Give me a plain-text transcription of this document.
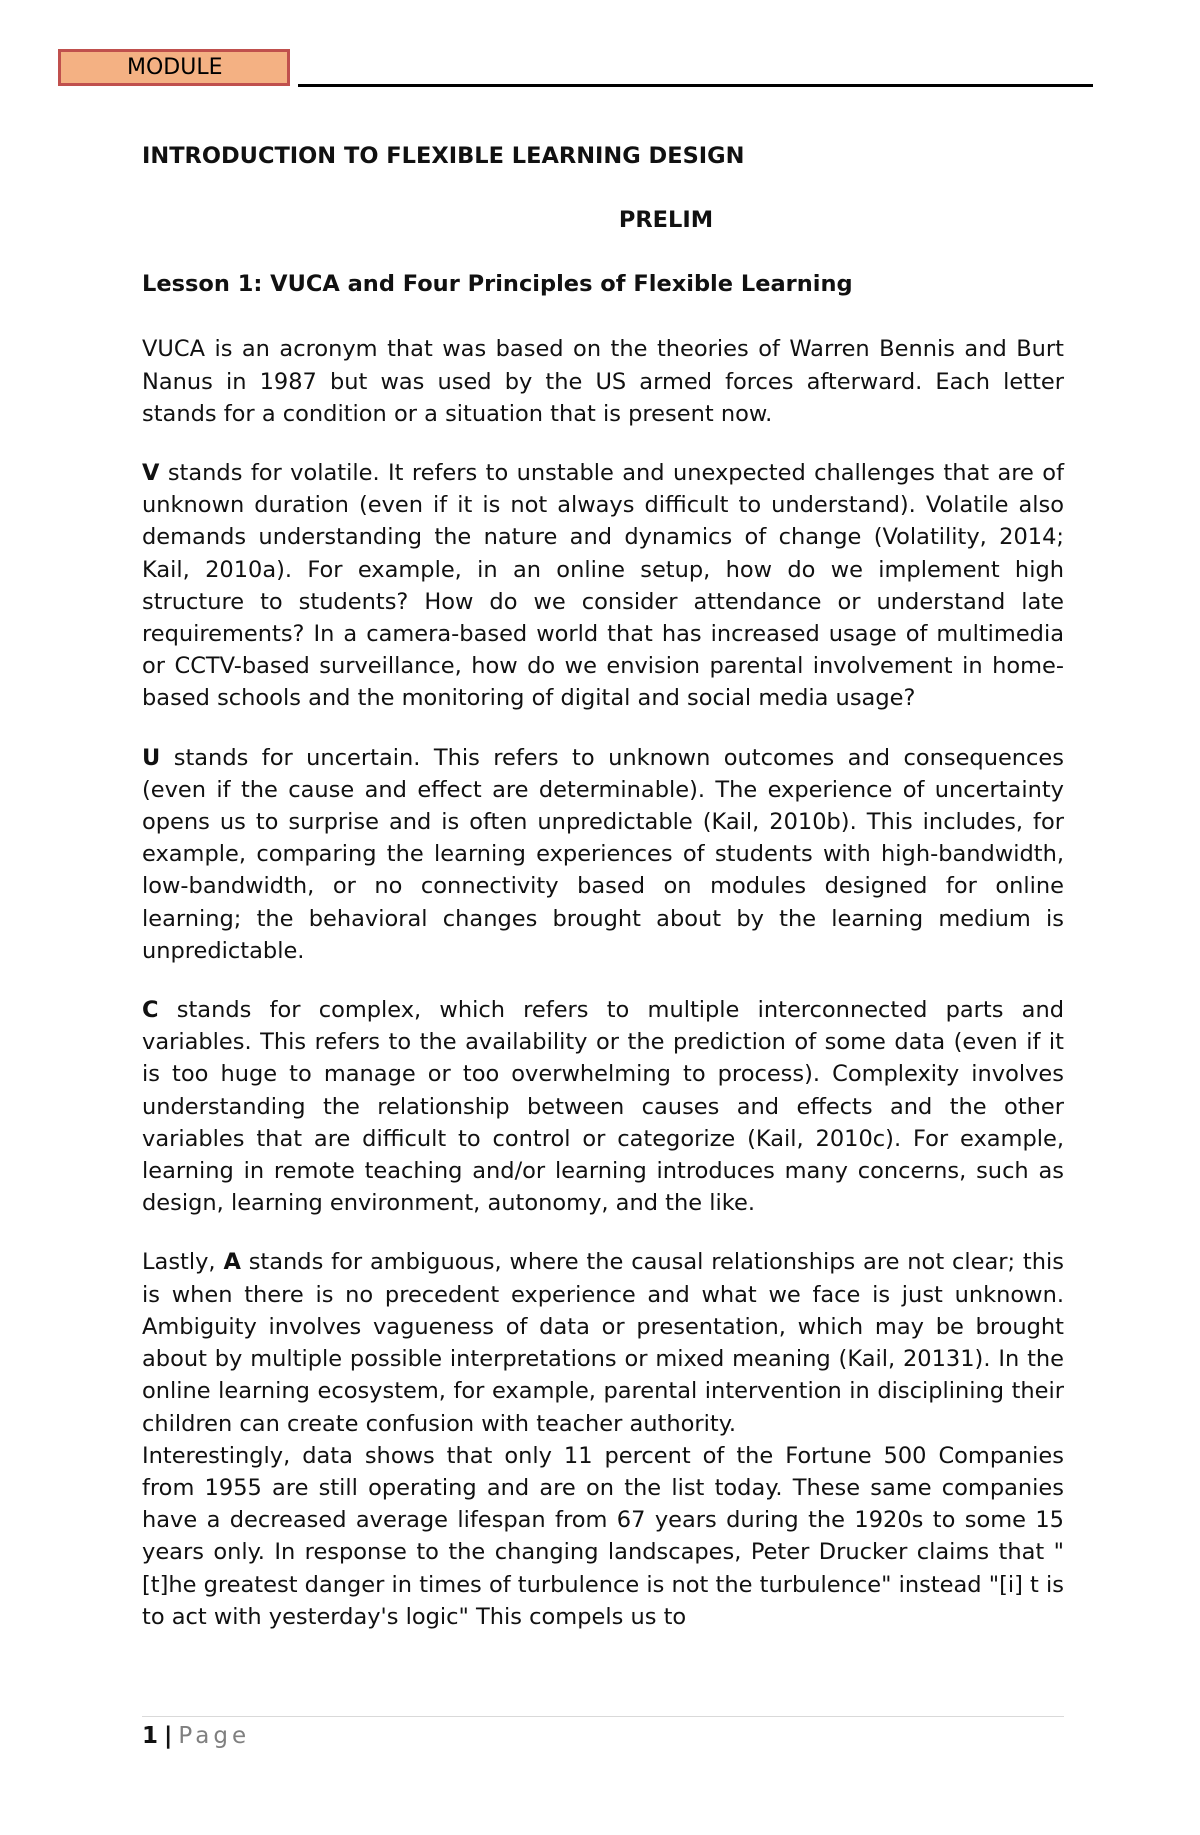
MODULE
INTRODUCTION TO FLEXIBLE LEARNING DESIGN
PRELIM
Lesson 1: VUCA and Four Principles of Flexible Learning

VUCA is an acronym that was based on the theories of Warren Bennis and Burt Nanus in 1987 but was used by the US armed forces afterward. Each letter stands for a condition or a situation that is present now.

V stands for volatile. It refers to unstable and unexpected challenges that are of unknown duration (even if it is not always difficult to understand). Volatile also demands understanding the nature and dynamics of change (Volatility, 2014; Kail, 2010a). For example, in an online setup, how do we implement high structure to students? How do we consider attendance or understand late requirements? In a camera-based world that has increased usage of multimedia or CCTV-based surveillance, how do we envision parental involvement in home-based schools and the monitoring of digital and social media usage?

U stands for uncertain. This refers to unknown outcomes and consequences (even if the cause and effect are determinable). The experience of uncertainty opens us to surprise and is often unpredictable (Kail, 2010b). This includes, for example, comparing the learning experiences of students with high-bandwidth, low-bandwidth, or no connectivity based on modules designed for online learning; the behavioral changes brought about by the learning medium is unpredictable.

C stands for complex, which refers to multiple interconnected parts and variables. This refers to the availability or the prediction of some data (even if it is too huge to manage or too overwhelming to process). Complexity involves understanding the relationship between causes and effects and the other variables that are difficult to control or categorize (Kail, 2010c). For example, learning in remote teaching and/or learning introduces many concerns, such as design, learning environment, autonomy, and the like.

Lastly, A stands for ambiguous, where the causal relationships are not clear; this is when there is no precedent experience and what we face is just unknown. Ambiguity involves vagueness of data or presentation, which may be brought about by multiple possible interpretations or mixed meaning (Kail, 20131). In the online learning ecosystem, for example, parental intervention in disciplining their children can create confusion with teacher authority.

Interestingly, data shows that only 11 percent of the Fortune 500 Companies from 1955 are still operating and are on the list today. These same companies have a decreased average lifespan from 67 years during the 1920s to some 15 years only. In response to the changing landscapes, Peter Drucker claims that "[t]he greatest danger in times of turbulence is not the turbulence" instead "[i] t is to act with yesterday's logic" This compels us to

1 | Page
